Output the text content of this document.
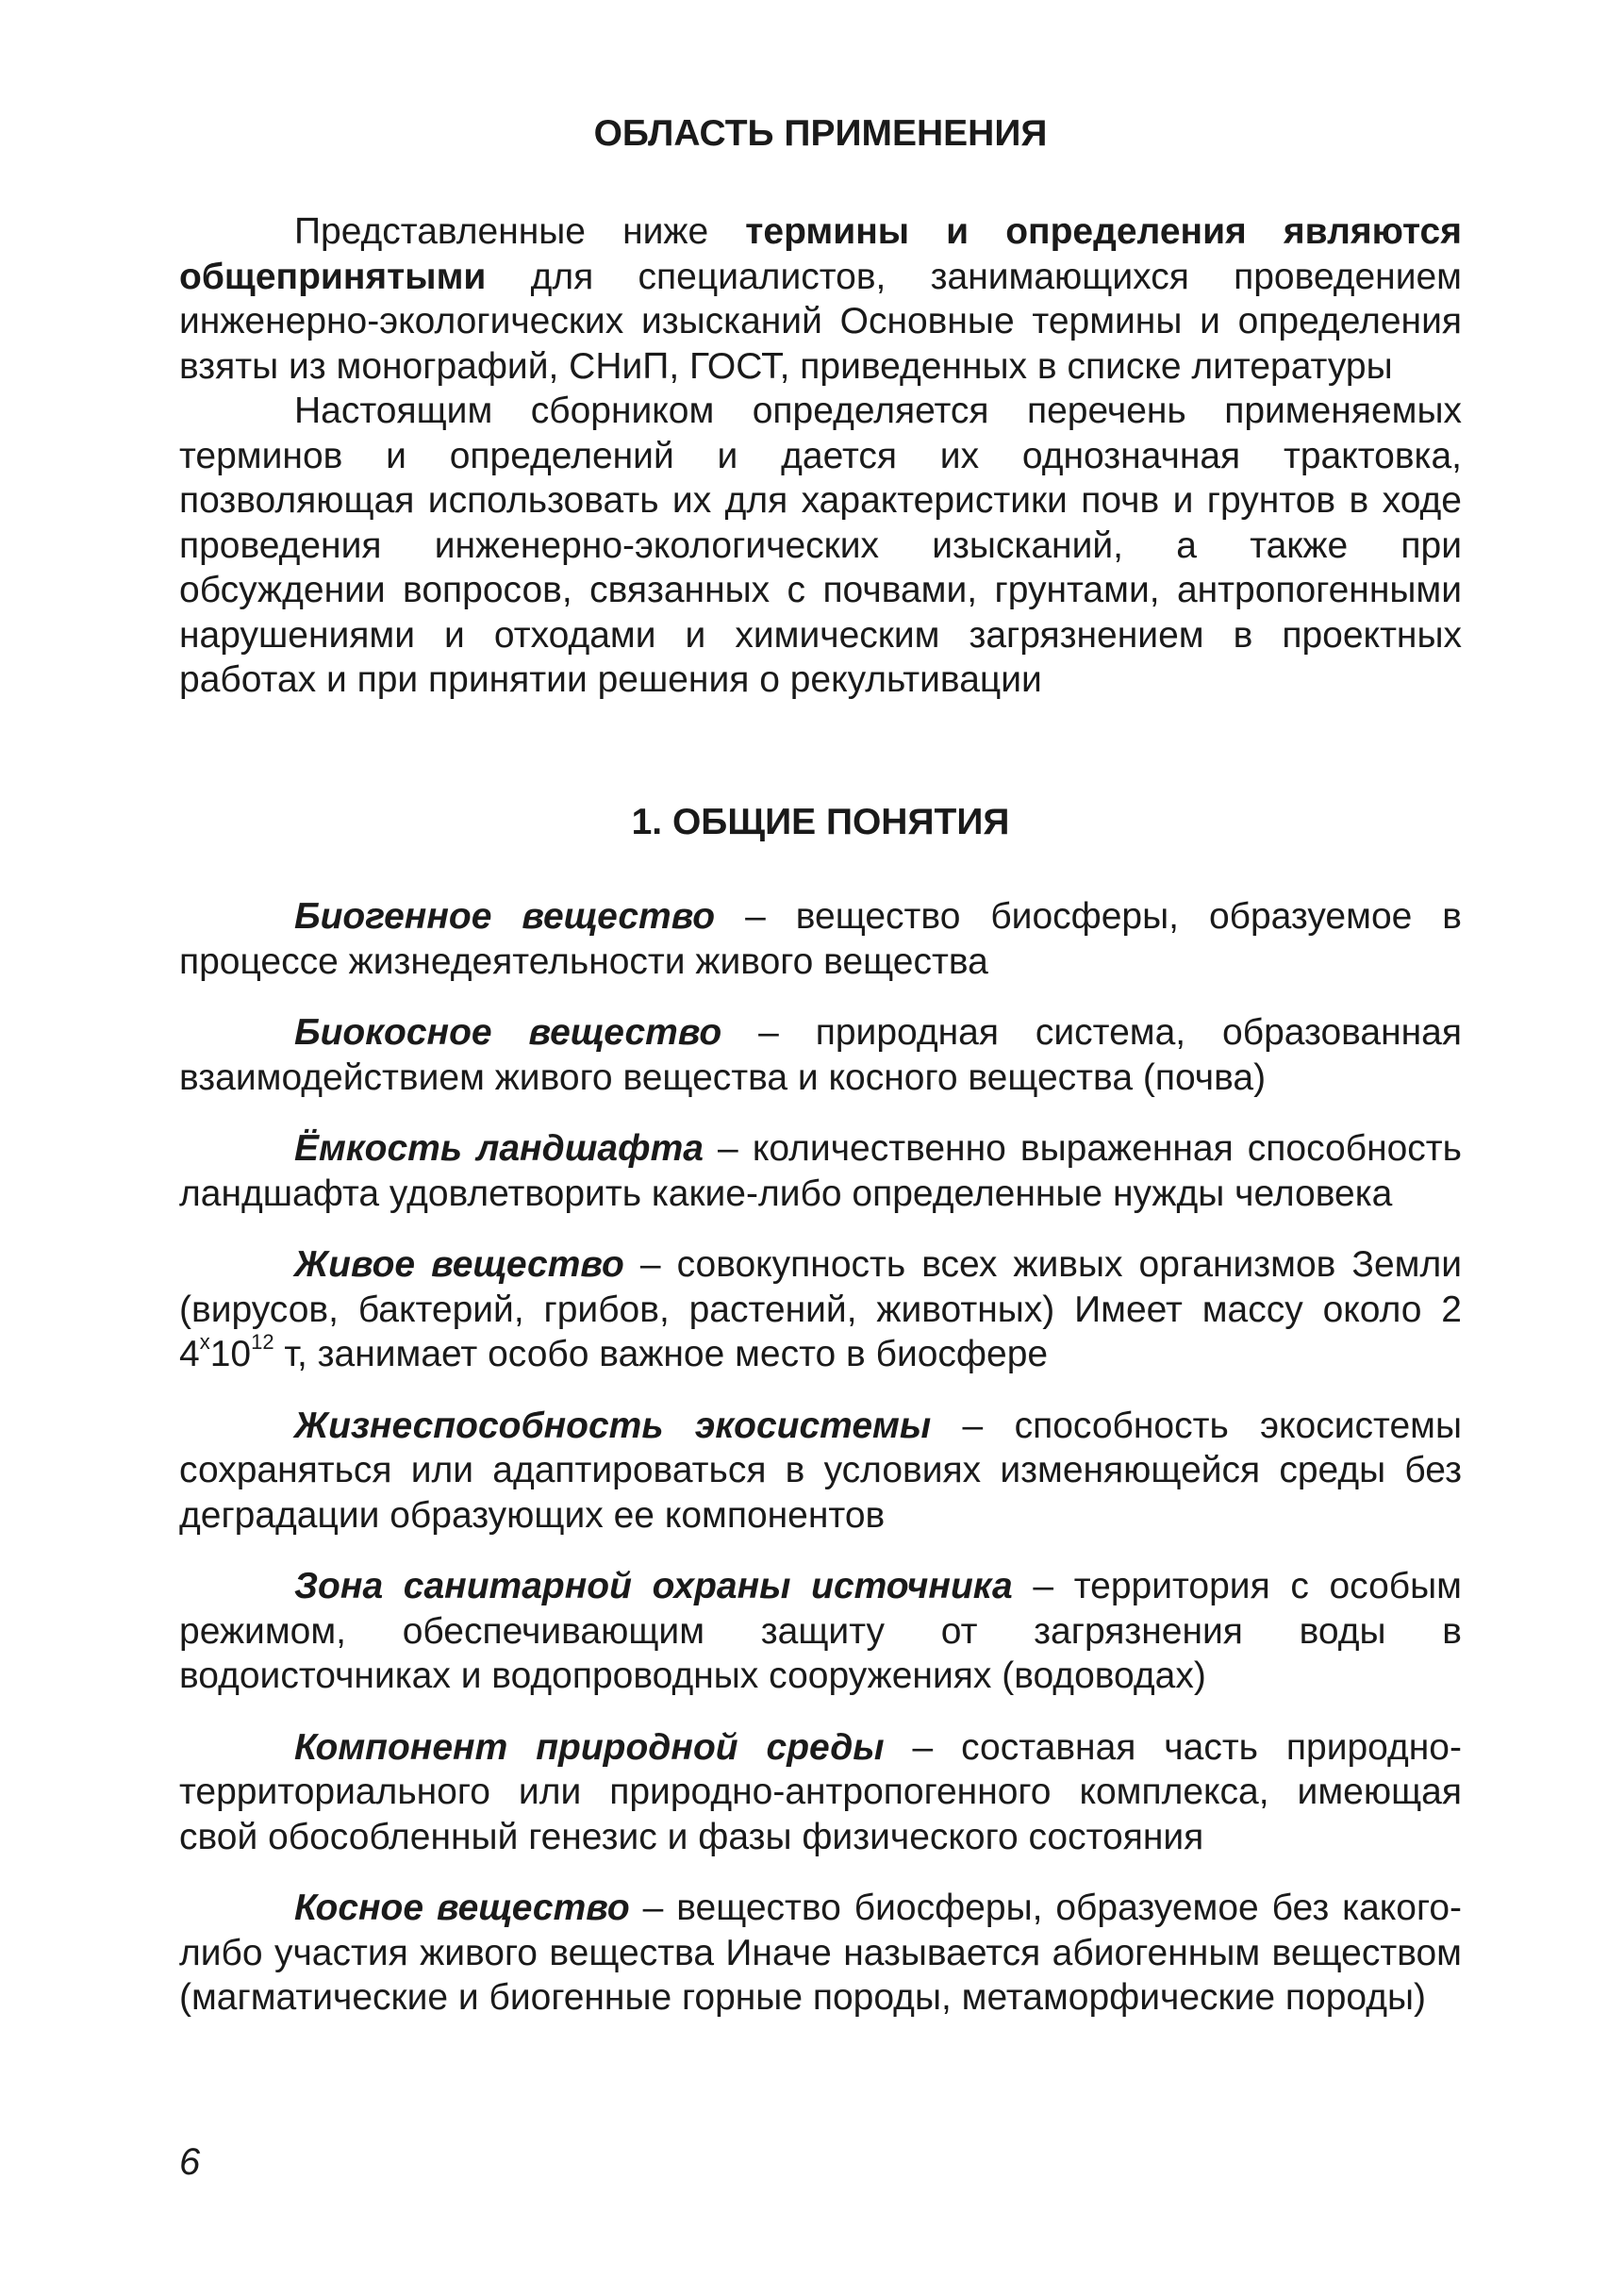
ОБЛАСТЬ ПРИМЕНЕНИЯ

Представленные ниже термины и определения являются общепринятыми для специалистов, занимающихся проведением инженерно-экологических изысканий Основные термины и определения взяты из монографий, СНиП, ГОСТ, приведенных в списке литературы

Настоящим сборником определяется перечень применяемых терминов и определений и дается их однозначная трактовка, позволяющая использовать их для характеристики почв и грунтов в ходе проведения инженерно-экологических изысканий, а также при обсуждении вопросов, связанных с почвами, грунтами, антропогенными нарушениями и отходами и химическим загрязнением в проектных работах и при принятии решения о рекультивации

1. ОБЩИЕ ПОНЯТИЯ

Биогенное вещество – вещество биосферы, образуемое в процессе жизнедеятельности живого вещества

Биокосное вещество – природная система, образованная взаимодействием живого вещества и косного вещества (почва)

Ёмкость ландшафта – количественно выраженная способность ландшафта удовлетворить какие-либо определенные нужды человека

Живое вещество – совокупность всех живых организмов Земли (вирусов, бактерий, грибов, растений, животных) Имеет массу около 2 $4^x10^{12}$ т, занимает особо важное место в биосфере

Жизнеспособность экосистемы – способность экосистемы сохраняться или адаптироваться в условиях изменяющейся среды без деградации образующих ее компонентов

Зона санитарной охраны источника – территория с особым режимом, обеспечивающим защиту от загрязнения воды в водоисточниках и водопроводных сооружениях (водоводах)

Компонент природной среды – составная часть природно-территориального или природно-антропогенного комплекса, имеющая свой обособленный генезис и фазы физического состояния

Косное вещество – вещество биосферы, образуемое без какого-либо участия живого вещества Иначе называется абиогенным веществом (магматические и биогенные горные породы, метаморфические породы)

6
